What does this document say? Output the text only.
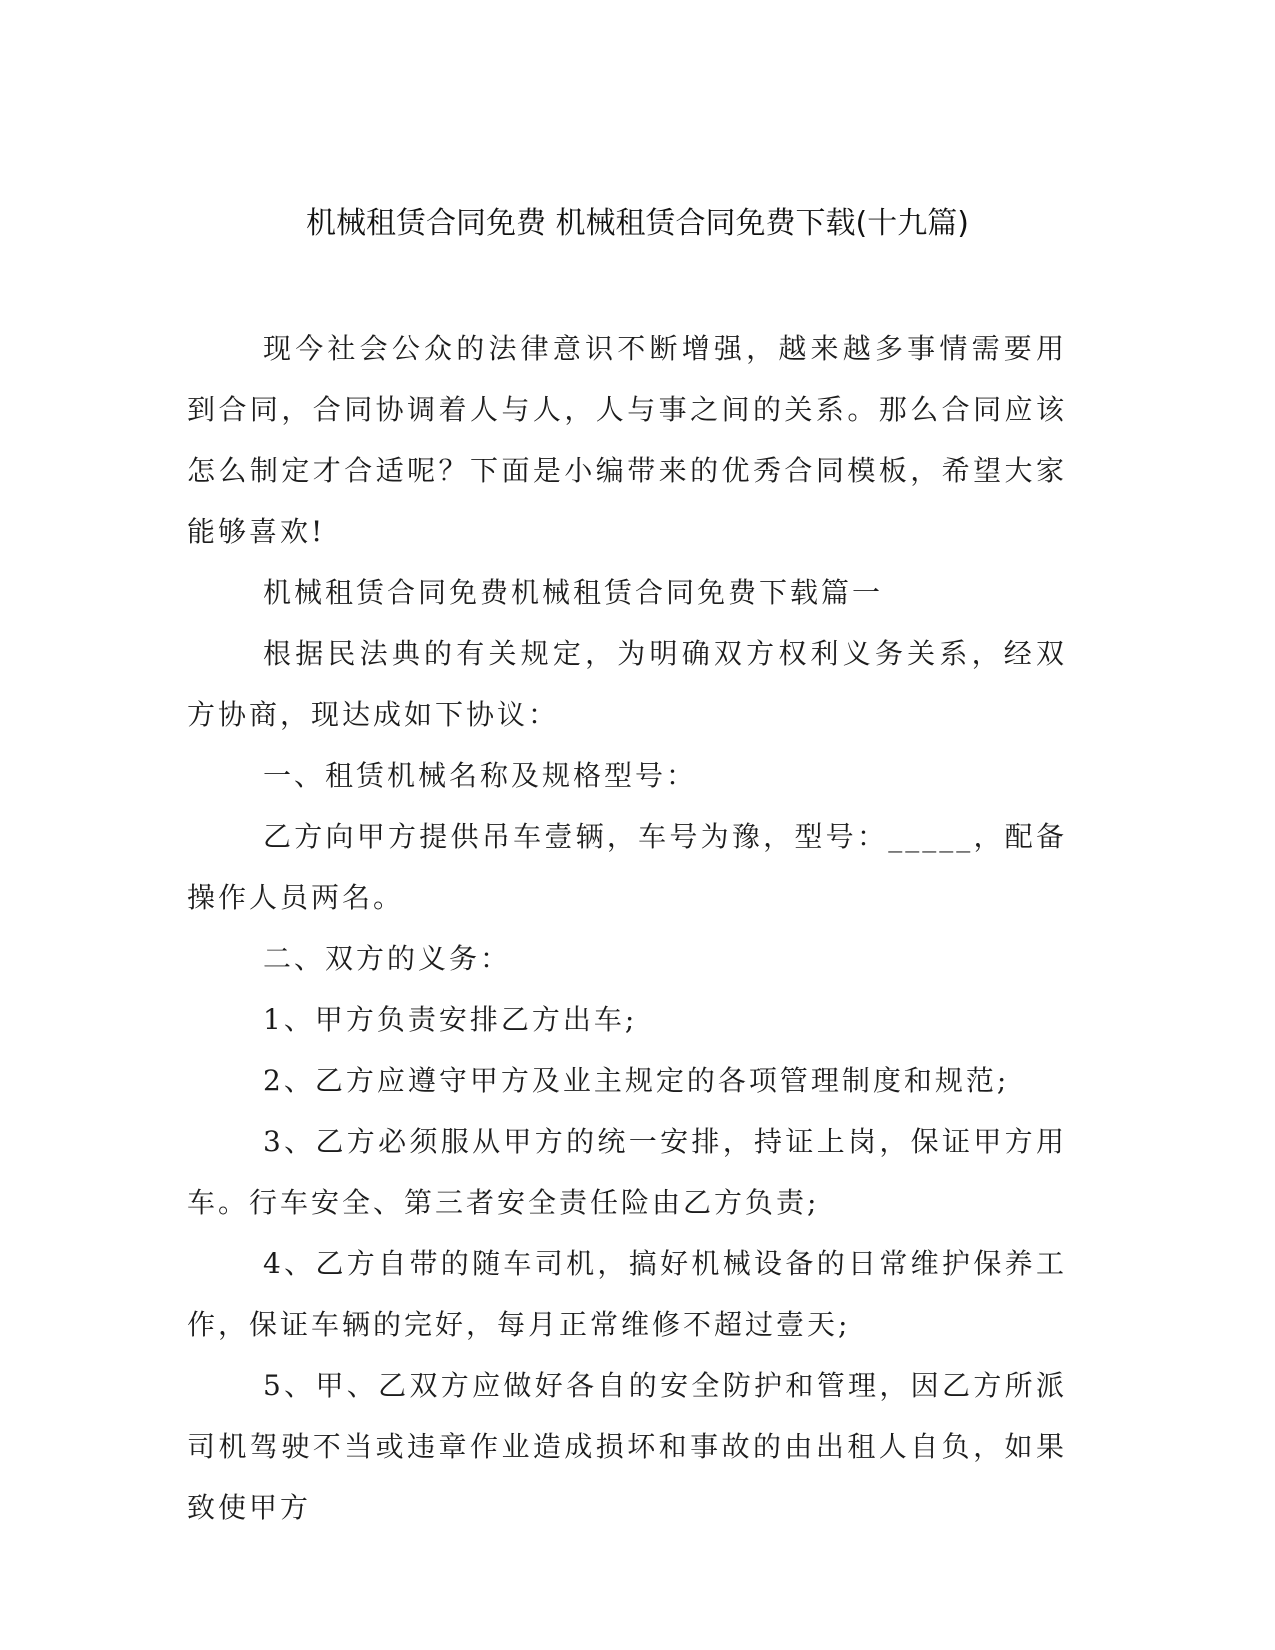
机械租赁合同免费 机械租赁合同免费下载(十九篇)

现今社会公众的法律意识不断增强，越来越多事情需要用到合同，合同协调着人与人，人与事之间的关系。那么合同应该怎么制定才合适呢？下面是小编带来的优秀合同模板，希望大家能够喜欢!

机械租赁合同免费机械租赁合同免费下载篇一

根据民法典的有关规定，为明确双方权利义务关系，经双方协商，现达成如下协议：

一、租赁机械名称及规格型号：

乙方向甲方提供吊车壹辆，车号为豫，型号：_____，配备操作人员两名。

二、双方的义务：

1、甲方负责安排乙方出车;

2、乙方应遵守甲方及业主规定的各项管理制度和规范;

3、乙方必须服从甲方的统一安排，持证上岗，保证甲方用车。行车安全、第三者安全责任险由乙方负责;

4、乙方自带的随车司机，搞好机械设备的日常维护保养工作，保证车辆的完好，每月正常维修不超过壹天;

5、甲、乙双方应做好各自的安全防护和管理，因乙方所派司机驾驶不当或违章作业造成损坏和事故的由出租人自负，如果致使甲方
